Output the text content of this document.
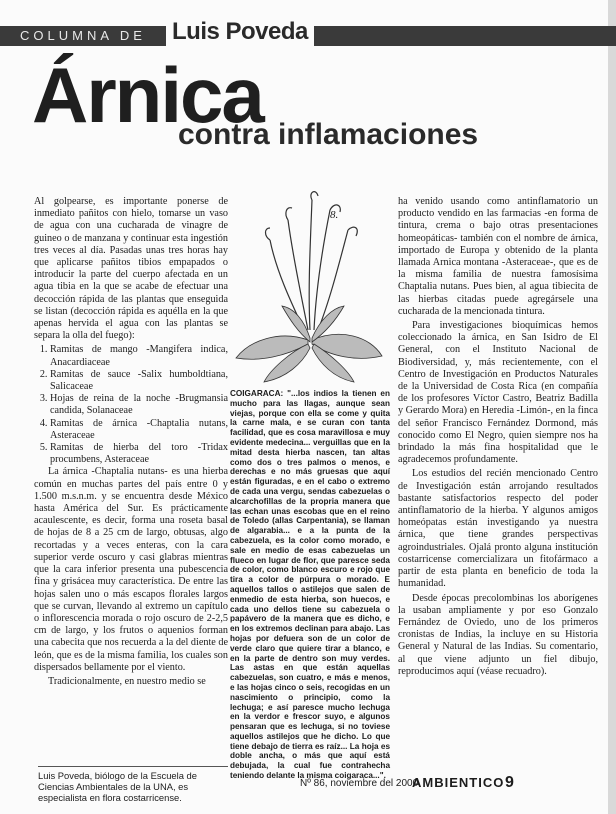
COLUMNA DE Luis Poveda
Árnica
contra inflamaciones

Al golpearse, es importante ponerse de inmediato pañitos con hielo, tomarse un vaso de agua con una cucharada de vinagre de guineo o de manzana y continuar esta ingestión tres veces al día. Pasadas unas tres horas hay que aplicarse pañitos tibios empapados o introducir la parte del cuerpo afectada en un agua tibia en la que se acabe de efectuar una decocción rápida de las plantas que enseguida se listan (decocción rápida es aquélla en la que apenas hervida el agua con las plantas se separa la olla del fuego):

1. Ramitas de mango -Mangifera indica, Anacardiaceae
2. Ramitas de sauce -Salix humboldtiana, Salicaceae
3. Hojas de reina de la noche -Brugmansia candida, Solanaceae
4. Ramitas de árnica -Chaptalia nutans, Asteraceae
5. Ramitas de hierba del toro -Tridax procumbens, Asteraceae

La árnica -Chaptalia nutans- es una hierba común en muchas partes del país entre 0 y 1.500 m.s.n.m. y se encuentra desde México hasta América del Sur. Es prácticamente acaulescente, es decir, forma una roseta basal de hojas de 8 a 25 cm de largo, obtusas, algo recortadas y a veces enteras, con la cara superior verde oscuro y casi glabras mientras que la cara inferior presenta una pubescencia fina y grisácea muy característica. De entre las hojas salen uno o más escapos florales largos que se curvan, llevando al extremo un capítulo o inflorescencia morada o rojo oscuro de 2-2,5 cm de largo, y los frutos o aquenios forman una cabecita que nos recuerda a la del diente de león, que es de la misma familia, los cuales son dispersados bellamente por el viento.

Tradicionalmente, en nuestro medio se

8.
COIGARACA: "...los indios la tienen en mucho para las llagas, aunque sean viejas, porque con ella se come y quita la carne mala, e se curan con tanta facilidad, que es cosa maravillosa e muy evidente medecina... verguillas que en la mitad desta hierba nascen, tan altas como dos o tres palmos o menos, e derechas e no más gruesas que aquí están figuradas, e en el cabo o extremo de cada una vergu, sendas cabezuelas o alcarchofillas de la propria manera que las echan unas escobas que en el reino de Toledo (allas Carpentania), se llaman de algarabia... e a la punta de la cabezuela, es la color como morado, e sale en medio de esas cabezuelas un flueco en lugar de flor, que paresce seda de color, como blanco escuro e rojo que tira a color de púrpura o morado. E aquellos tallos o astilejos que salen de enmedio de esta hierba, son huecos, e cada uno dellos tiene su cabezuela o papávero de la manera que es dicho, e en los extremos declinan para abajo. Las hojas por defuera son de un color de verde claro que quiere tirar a blanco, e en la parte de dentro son muy verdes. Las astas en que están aquellas cabezuelas, son cuatro, e más e menos, e las hojas cinco o seis, recogidas en un nascimiento o principio, como la lechuga; e así paresce mucho lechuga en la verdor e frescor suyo, e algunos pensaran que es lechuga, si no toviese aquellos astilejos que he dicho. Lo que tiene debajo de tierra es raíz... La hoja es doble ancha, o más que aquí está debujada, la cual fue contrahecha teniendo delante la misma coigaraca...".

ha venido usando como antinflamatorio un producto vendido en las farmacias -en forma de tintura, crema o bajo otras presentaciones homeopáticas- también con el nombre de árnica, importado de Europa y obtenido de la planta llamada Arnica montana -Asteraceae-, que es de la misma familia de nuestra famosísima Chaptalia nutans. Pues bien, al agua tibiecita de las hierbas citadas puede agregársele una cucharada de la mencionada tintura.

Para investigaciones bioquímicas hemos coleccionado la árnica, en San Isidro de El General, con el Instituto Nacional de Biodiversidad, y, más recientemente, con el Centro de Investigación en Productos Naturales de la Universidad de Costa Rica (en compañía de los profesores Víctor Castro, Beatriz Badilla y Gerardo Mora) en Heredia -Limón-, en la finca del señor Francisco Fernández Dormond, más conocido como El Negro, quien siempre nos ha brindado la más fina hospitalidad que le agradecemos profundamente.

Los estudios del recién mencionado Centro de Investigación están arrojando resultados bastante satisfactorios respecto del poder antinflamatorio de la hierba. Y algunos amigos homeópatas están investigando ya nuestra árnica, que tiene grandes perspectivas agroindustriales. Ojalá pronto alguna institución costarricense comercializara un fitofármaco a partir de esta planta en beneficio de toda la humanidad.

Desde épocas precolombinas los aborígenes la usaban ampliamente y por eso Gonzalo Fernández de Oviedo, uno de los primeros cronistas de Indias, la incluye en su Historia General y Natural de las Indias. Su comentario, al que viene adjunto un fiel dibujo, reproducimos aquí (véase recuadro).

Luis Poveda, biólogo de la Escuela de Ciencias Ambientales de la UNA, es especialista en flora costarricense.
Nº 86, noviembre del 2000
AMBIENTICO 9
